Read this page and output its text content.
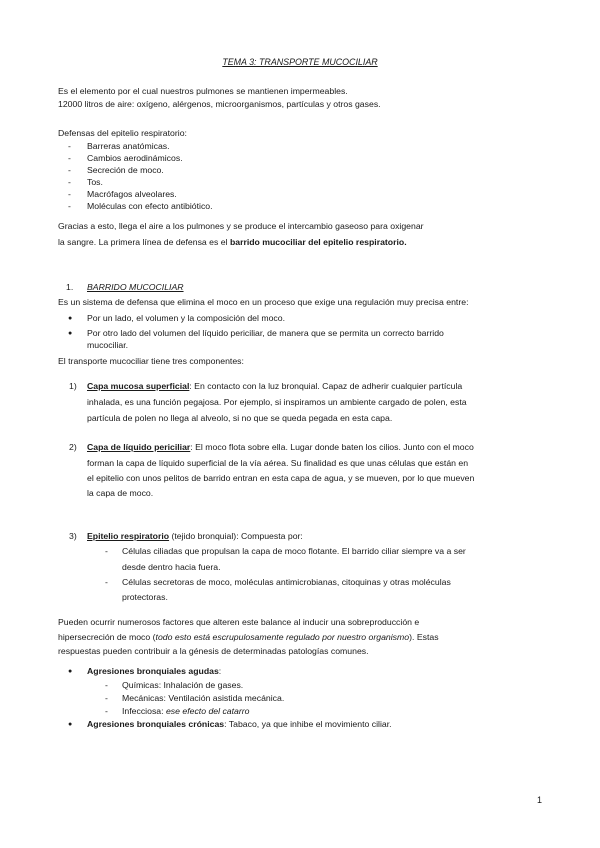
TEMA 3: TRANSPORTE MUCOCILIAR
Es el elemento por el cual nuestros pulmones se mantienen impermeables.
12000 litros de aire: oxígeno, alérgenos, microorganismos, partículas y otros gases.
Defensas del epitelio respiratorio:
- Barreras anatómicas.
- Cambios aerodinámicos.
- Secreción de moco.
- Tos.
- Macrófagos alveolares.
- Moléculas con efecto antibiótico.
Gracias a esto, llega el aire a los pulmones y se produce el intercambio gaseoso para oxigenar
la sangre. La primera línea de defensa es el barrido mucociliar del epitelio respiratorio.
1. BARRIDO MUCOCILIAR
Es un sistema de defensa que elimina el moco en un proceso que exige una regulación muy precisa entre:
● Por un lado, el volumen y la composición del moco.
● Por otro lado del volumen del líquido periciliar, de manera que se permita un correcto barrido
mucociliar.
El transporte mucociliar tiene tres componentes:
1) Capa mucosa superficial: En contacto con la luz bronquial. Capaz de adherir cualquier partícula
inhalada, es una función pegajosa. Por ejemplo, si inspiramos un ambiente cargado de polen, esta
partícula de polen no llega al alveolo, si no que se queda pegada en esta capa.
2) Capa de líquido periciliar: El moco flota sobre ella. Lugar donde baten los cilios. Junto con el moco
forman la capa de líquido superficial de la vía aérea. Su finalidad es que unas células que están en
el epitelio con unos pelitos de barrido entran en esta capa de agua, y se mueven, por lo que mueven
la capa de moco.
3) Epitelio respiratorio (tejido bronquial): Compuesta por:
- Células ciliadas que propulsan la capa de moco flotante. El barrido ciliar siempre va a ser
desde dentro hacia fuera.
- Células secretoras de moco, moléculas antimicrobianas, citoquinas y otras moléculas
protectoras.
Pueden ocurrir numerosos factores que alteren este balance al inducir una sobreproducción e
hipersecreción de moco (todo esto está escrupulosamente regulado por nuestro organismo). Estas
respuestas pueden contribuir a la génesis de determinadas patologías comunes.
● Agresiones bronquiales agudas:
- Químicas: Inhalación de gases.
- Mecánicas: Ventilación asistida mecánica.
- Infecciosa: ese efecto del catarro
● Agresiones bronquiales crónicas: Tabaco, ya que inhibe el movimiento ciliar.
1
